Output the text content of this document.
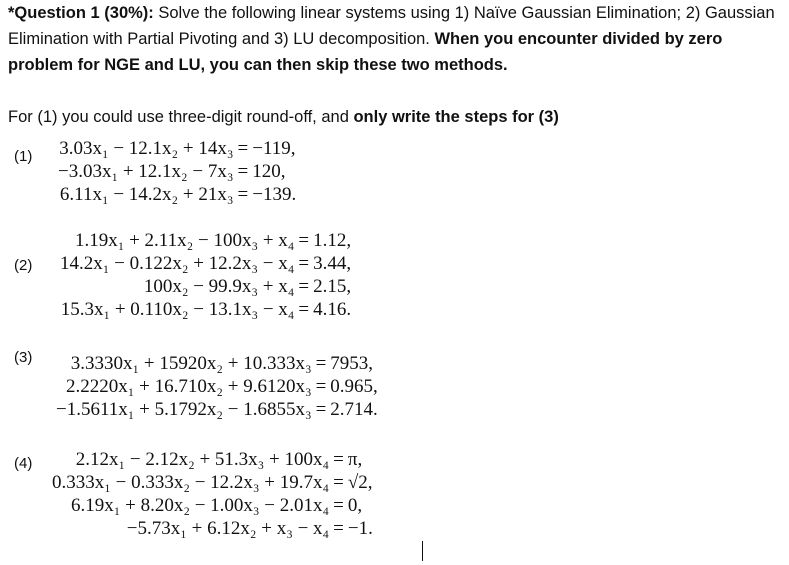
*Question 1 (30%): Solve the following linear systems using 1) Naïve Gaussian Elimination; 2) Gaussian Elimination with Partial Pivoting and 3) LU decomposition. When you encounter divided by zero problem for NGE and LU, you can then skip these two methods.

For (1) you could use three-digit round-off, and only write the steps for (3)
(1) 3.03x₁ − 12.1x₂ + 14x₃	=	−119,
−3.03x₁ + 12.1x₂ − 7x₃	=	120,
6.11x₁ − 14.2x₂ + 21x₃	=	−139.
(2)
1.19x₁ + 2.11x₂ − 100x₃ + x₄	=	1.12,
14.2x₁ − 0.122x₂ + 12.2x₃ − x₄	=	3.44,
100x₂ − 99.9x₃ + x₄	=	2.15,
15.3x₁ + 0.110x₂ − 13.1x₃ − x₄	=	4.16.
(3) 3.3330x₁ + 15920x₂ + 10.333x₃	=	7953,
2.2220x₁ + 16.710x₂ + 9.6120x₃	=	0.965,
−1.5611x₁ + 5.1792x₂ − 1.6855x₃	=	2.714.
(4) 2.12x₁ − 2.12x₂ + 51.3x₃ + 100x₄	=	π,
0.333x₁ − 0.333x₂ − 12.2x₃ + 19.7x₄	=	√2,
6.19x₁ + 8.20x₂ − 1.00x₃ − 2.01x₄	=	0,
−5.73x₁ + 6.12x₂ + x₃ − x₄	=	−1.
